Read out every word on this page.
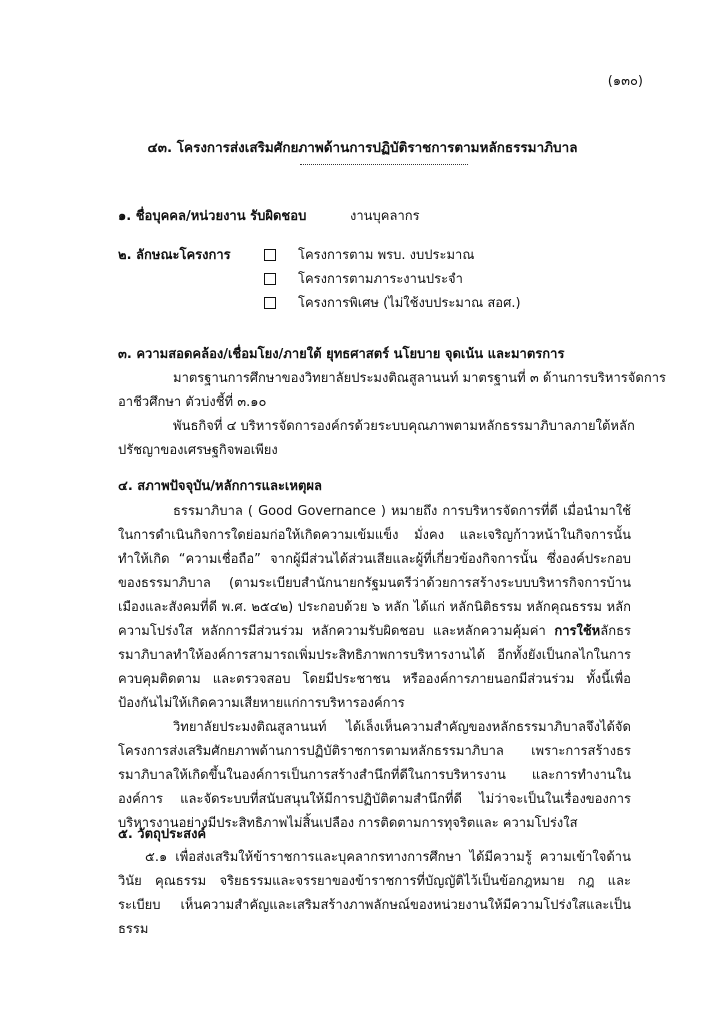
(๑๓๐)
๔๓. โครงการส่งเสริมศักยภาพด้านการปฏิบัติราชการตามหลักธรรมาภิบาล
๑. ชื่อบุคคล/หน่วยงาน รับผิดชอบ	งานบุคลากร
๒. ลักษณะโครงการ	โครงการตาม พรบ. งบประมาณ
โครงการตามภาระงานประจำ
โครงการพิเศษ (ไม่ใช้งบประมาณ สอศ.)
๓. ความสอดคล้อง/เชื่อมโยง/ภายใต้ ยุทธศาสตร์ นโยบาย จุดเน้น และมาตรการ
มาตรฐานการศึกษาของวิทยาลัยประมงติณสูลานนท์ มาตรฐานที่ ๓ ด้านการบริหารจัดการ
อาชีวศึกษา ตัวบ่งชี้ที่ ๓.๑๐
พันธกิจที่ ๔ บริหารจัดการองค์กรด้วยระบบคุณภาพตามหลักธรรมาภิบาลภายใต้หลัก
ปรัชญาของเศรษฐกิจพอเพียง
๔. สภาพปัจจุบัน/หลักการและเหตุผล
ธรรมาภิบาล ( Good Governance ) หมายถึง การบริหารจัดการที่ดี เมื่อนำมาใช้ในการดำเนินกิจการใดย่อมก่อให้เกิดความเข้มแข็ง มั่งคง และเจริญก้าวหน้าในกิจการนั้น ทำให้เกิด “ความเชื่อถือ” จากผู้มีส่วนได้ส่วนเสียและผู้ที่เกี่ยวข้องกิจการนั้น ซึ่งองค์ประกอบของธรรมาภิบาล (ตามระเบียบสำนักนายกรัฐมนตรีว่าด้วยการสร้างระบบบริหารกิจการบ้านเมืองและสังคมที่ดี พ.ศ. ๒๕๔๒) ประกอบด้วย ๖ หลัก ได้แก่ หลักนิติธรรม หลักคุณธรรม หลักความโปร่งใส หลักการมีส่วนร่วม หลักความรับผิดชอบ และหลักความคุ้มค่า การใช้หลักธรรมาภิบาลทำให้องค์การสามารถเพิ่มประสิทธิภาพการบริหารงานได้ อีกทั้งยังเป็นกลไกในการควบคุมติดตาม และตรวจสอบ โดยมีประชาชน หรือองค์การภายนอกมีส่วนร่วม ทั้งนี้เพื่อป้องกันไม่ให้เกิดความเสียหายแก่การบริหารองค์การ
วิทยาลัยประมงติณสูลานนท์ ได้เล็งเห็นความสำคัญของหลักธรรมาภิบาลจึงได้จัดโครงการส่งเสริมศักยภาพด้านการปฏิบัติราชการตามหลักธรรมาภิบาล เพราะการสร้างธรรมาภิบาลให้เกิดขึ้นในองค์การเป็นการสร้างสำนึกที่ดีในการบริหารงาน และการทำงานในองค์การ และจัดระบบที่สนับสนุนให้มีการปฏิบัติตามสำนึกที่ดี ไม่ว่าจะเป็นในเรื่องของการบริหารงานอย่างมีประสิทธิภาพไม่สิ้นเปลือง การติดตามการทุจริตและ ความโปร่งใส
๕. วัตถุประสงค์
๕.๑ เพื่อส่งเสริมให้ข้าราชการและบุคลากรทางการศึกษา ได้มีความรู้ ความเข้าใจด้านวินัย คุณธรรม จริยธรรมและจรรยาของข้าราชการที่บัญญัติไว้เป็นข้อกฎหมาย กฎ และระเบียบ เห็นความสำคัญและเสริมสร้างภาพลักษณ์ของหน่วยงานให้มีความโปร่งใสและเป็นธรรม
